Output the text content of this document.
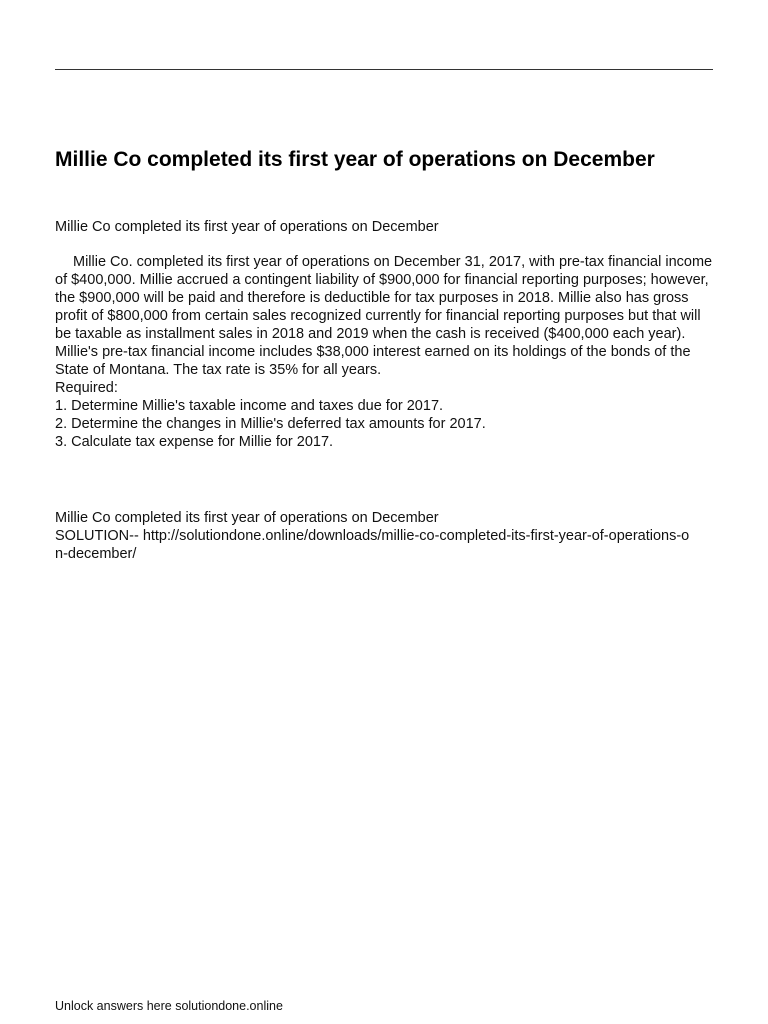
Millie Co completed its first year of operations on December

Millie Co completed its first year of operations on December

Millie Co. completed its first year of operations on December 31, 2017, with pre-tax financial income of $400,000. Millie accrued a contingent liability of $900,000 for financial reporting purposes; however, the $900,000 will be paid and therefore is deductible for tax purposes in 2018. Millie also has gross profit of $800,000 from certain sales recognized currently for financial reporting purposes but that will be taxable as installment sales in 2018 and 2019 when the cash is received ($400,000 each year). Millie's pre-tax financial income includes $38,000 interest earned on its holdings of the bonds of the State of Montana. The tax rate is 35% for all years.

Required:

1. Determine Millie's taxable income and taxes due for 2017.
2. Determine the changes in Millie's deferred tax amounts for 2017.
3. Calculate tax expense for Millie for 2017.

Millie Co completed its first year of operations on December

SOLUTION-- http://solutiondone.online/downloads/millie-co-completed-its-first-year-of-operations-on-december/

Unlock answers here solutiondone.online
